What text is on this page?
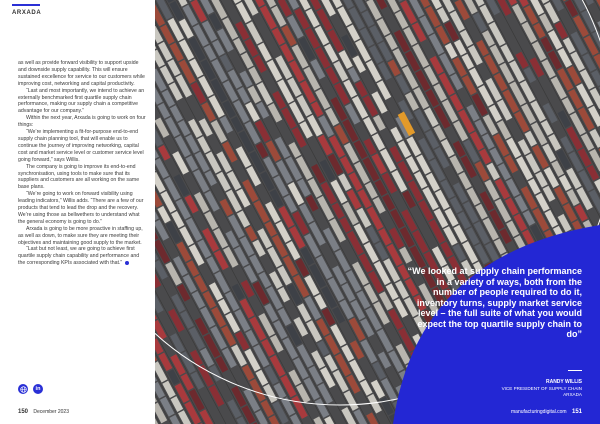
ARXADA

as well as provide forward visibility to support upside and downside supply capability. This will ensure sustained excellence for service to our customers while improving cost, networking and capital productivity.

“Last and most importantly, we intend to achieve an externally benchmarked first quartile supply chain performance, making our supply chain a competitive advantage for our company.”

Within the next year, Arxada is going to work on four things:

“We’re implementing a fit-for-purpose end-to-end supply chain planning tool, that will enable us to continue the journey of improving networking, capital cost and market service level or customer service level going forward,” says Willis.

The company is going to improve its end-to-end synchronisation, using tools to make sure that its suppliers and customers are all working on the same base plans.

“We’re going to work on forward visibility using leading indicators,” Willis adds. “There are a few of our products that tend to lead the drop and the recovery. We’re using those as bellwethers to understand what the general economy is going to do.”

Arxada is going to be more proactive in staffing up, as well as down, to make sure they are meeting their objectives and maintaining good supply to the market.

“Last but not least, we are going to achieve first quartile supply chain capability and performance and the corresponding KPIs associated with that.”

in
150 December 2023
“We looked at supply chain performance in a variety of ways, both from the number of people required to do it, inventory turns, supply market service level – the full suite of what you would expect the top quartile supply chain to do”
RANDY WILLIS
VICE PRESIDENT OF SUPPLY CHAIN
ARXADA
manufacturingdigital.com 151
